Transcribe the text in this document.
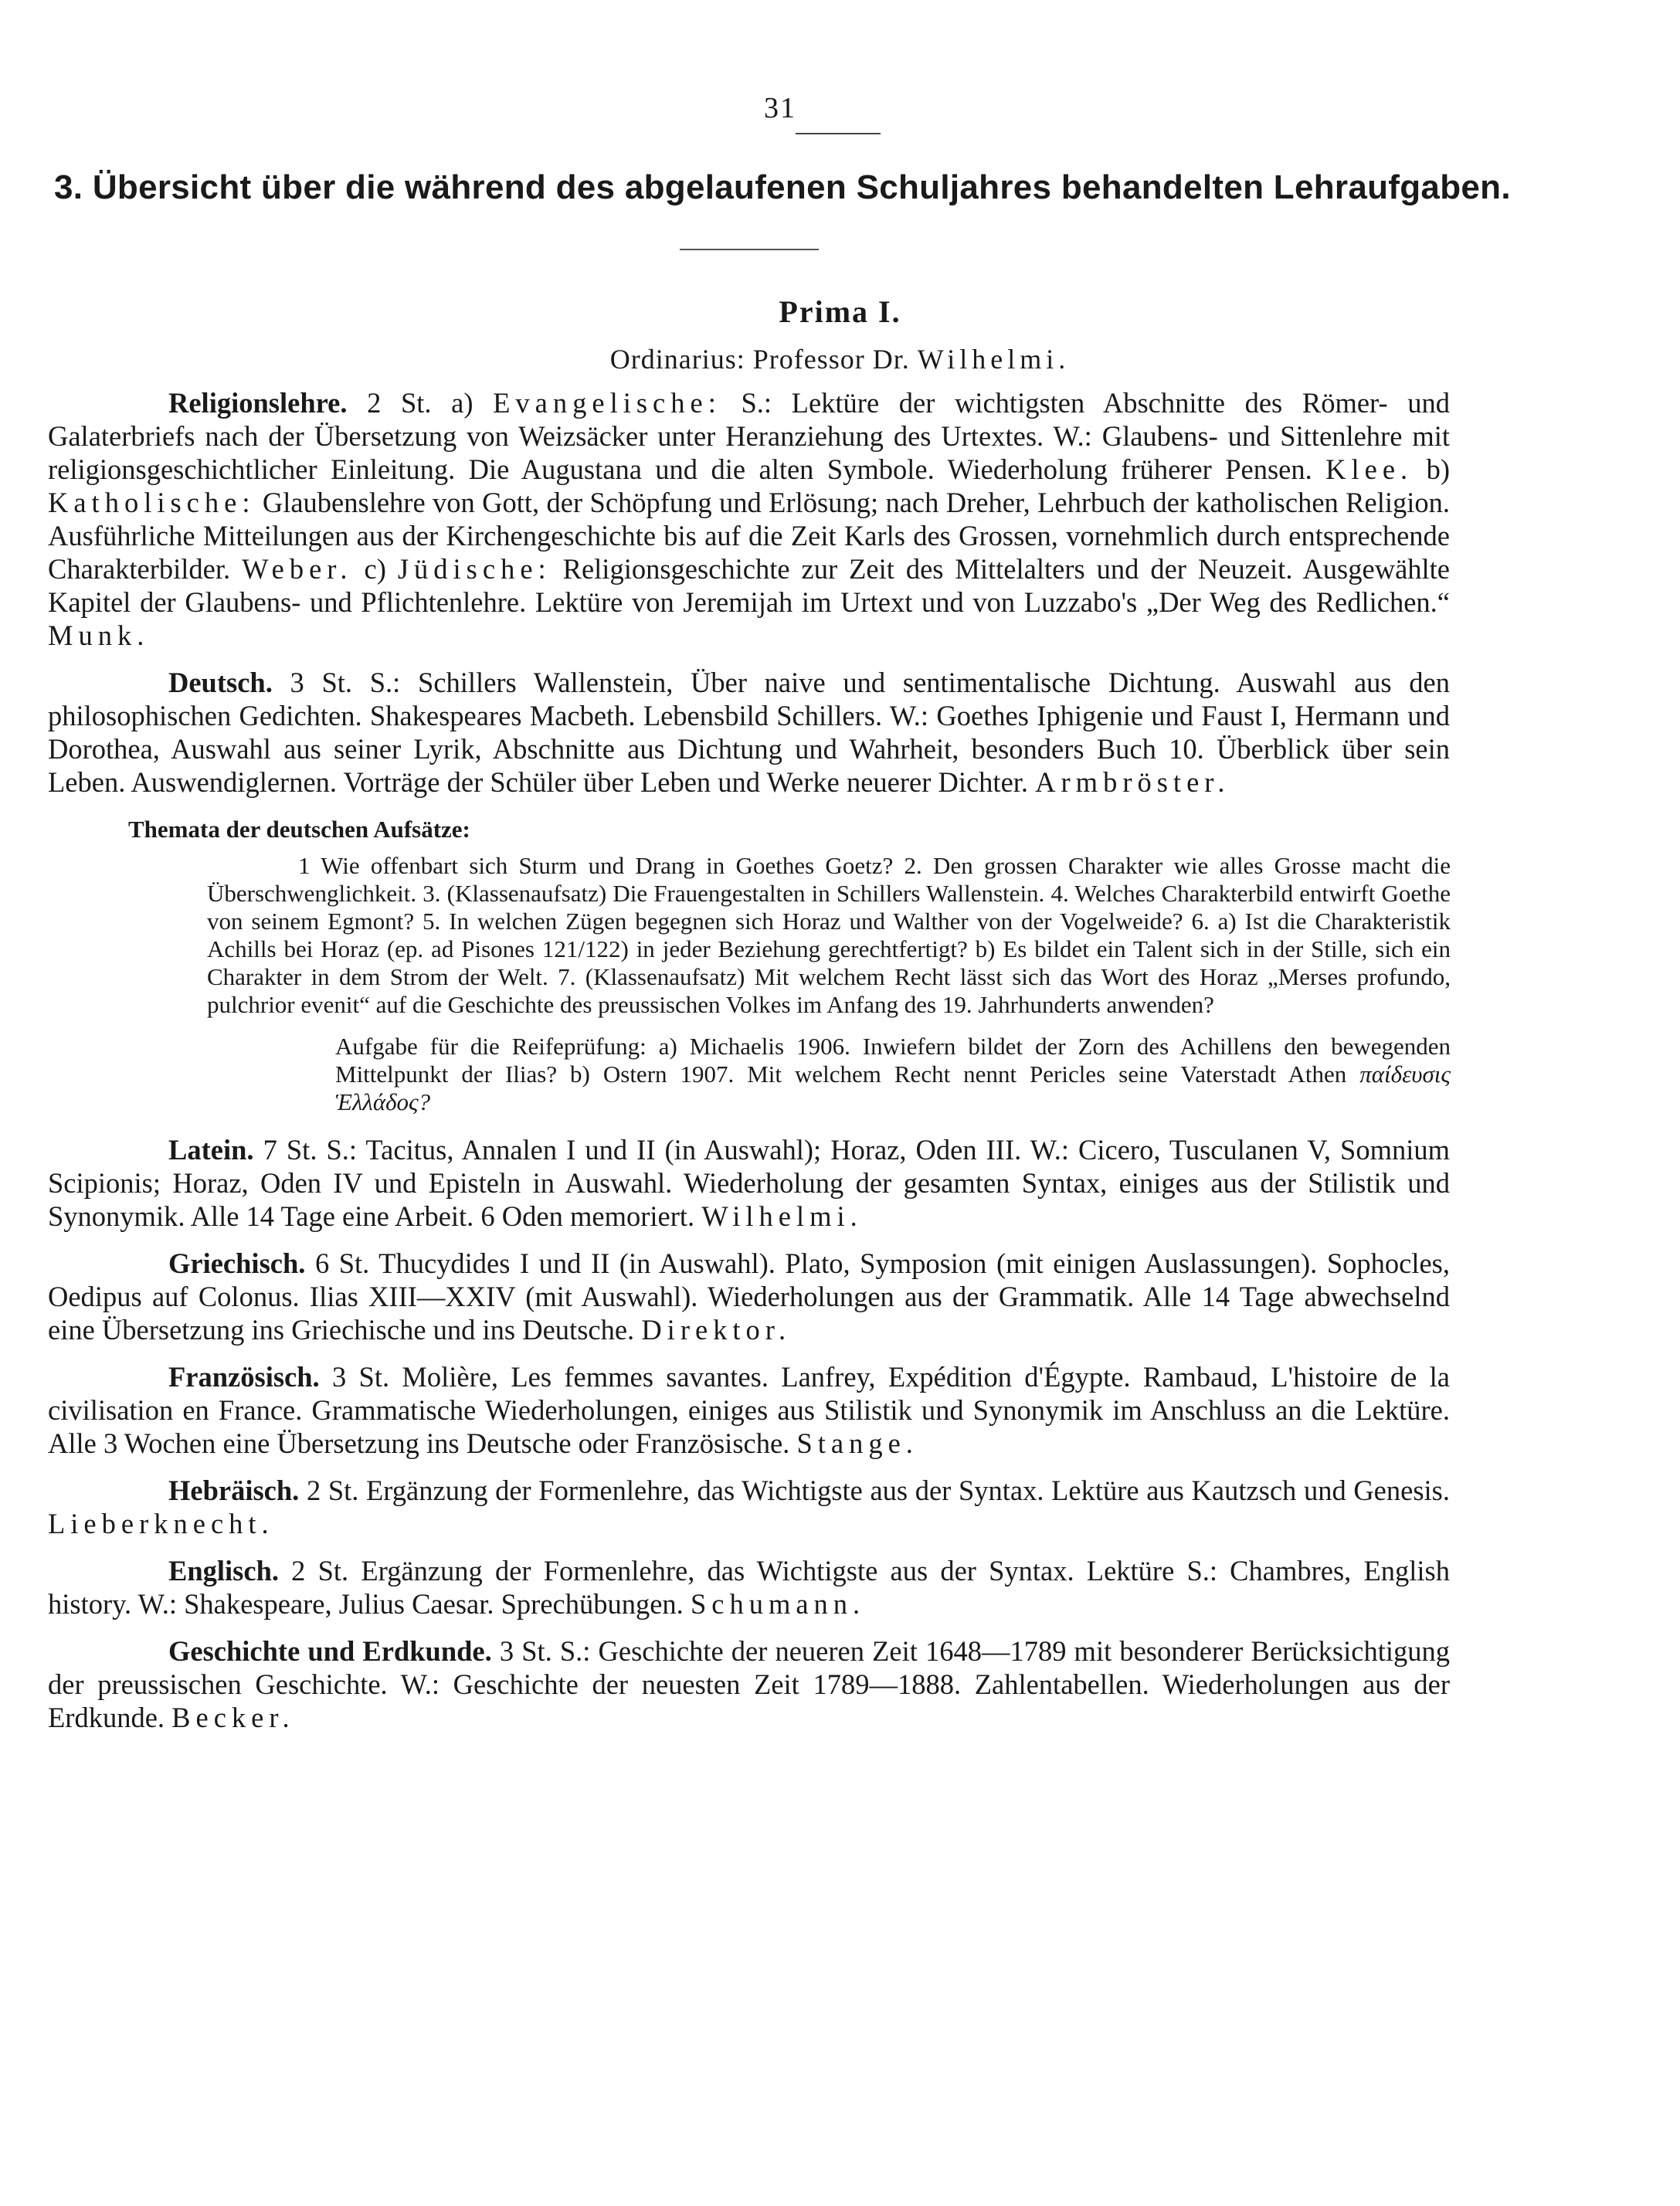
31
3. Übersicht über die während des abgelaufenen Schuljahres behandelten Lehraufgaben.
Prima I.
Ordinarius: Professor Dr. Wilhelmi.

Religionslehre. 2 St. a) Evangelische: S.: Lektüre der wichtigsten Abschnitte des Römer- und Galaterbriefs nach der Übersetzung von Weizsäcker unter Heranziehung des Urtextes. W.: Glaubens- und Sittenlehre mit religionsgeschichtlicher Einleitung. Die Augustana und die alten Symbole. Wiederholung früherer Pensen. Klee. b) Katholische: Glaubenslehre von Gott, der Schöpfung und Erlösung; nach Dreher, Lehrbuch der katholischen Religion. Ausführliche Mitteilungen aus der Kirchengeschichte bis auf die Zeit Karls des Grossen, vornehmlich durch entsprechende Charakterbilder. Weber. c) Jüdische: Religionsgeschichte zur Zeit des Mittelalters und der Neuzeit. Ausgewählte Kapitel der Glaubens- und Pflichtenlehre. Lektüre von Jeremijah im Urtext und von Luzzabo's „Der Weg des Redlichen.“ Munk.

Deutsch. 3 St. S.: Schillers Wallenstein, Über naive und sentimentalische Dichtung. Auswahl aus den philosophischen Gedichten. Shakespeares Macbeth. Lebensbild Schillers. W.: Goethes Iphigenie und Faust I, Hermann und Dorothea, Auswahl aus seiner Lyrik, Abschnitte aus Dichtung und Wahrheit, besonders Buch 10. Überblick über sein Leben. Auswendiglernen. Vorträge der Schüler über Leben und Werke neuerer Dichter. Armbröster.

Themata der deutschen Aufsätze:
1 Wie offenbart sich Sturm und Drang in Goethes Goetz? 2. Den grossen Charakter wie alles Grosse macht die Überschwenglichkeit. 3. (Klassenaufsatz) Die Frauengestalten in Schillers Wallenstein. 4. Welches Charakterbild entwirft Goethe von seinem Egmont? 5. In welchen Zügen begegnen sich Horaz und Walther von der Vogelweide? 6. a) Ist die Charakteristik Achills bei Horaz (ep. ad Pisones 121/122) in jeder Beziehung gerechtfertigt? b) Es bildet ein Talent sich in der Stille, sich ein Charakter in dem Strom der Welt. 7. (Klassenaufsatz) Mit welchem Recht lässt sich das Wort des Horaz „Merses profundo, pulchrior evenit“ auf die Geschichte des preussischen Volkes im Anfang des 19. Jahrhunderts anwenden?
Aufgabe für die Reifeprüfung: a) Michaelis 1906. Inwiefern bildet der Zorn des Achillens den bewegenden Mittelpunkt der Ilias? b) Ostern 1907. Mit welchem Recht nennt Pericles seine Vaterstadt Athen παίδευσις Ἑλλάδος?

Latein. 7 St. S.: Tacitus, Annalen I und II (in Auswahl); Horaz, Oden III. W.: Cicero, Tusculanen V, Somnium Scipionis; Horaz, Oden IV und Episteln in Auswahl. Wiederholung der gesamten Syntax, einiges aus der Stilistik und Synonymik. Alle 14 Tage eine Arbeit. 6 Oden memoriert. Wilhelmi.

Griechisch. 6 St. Thucydides I und II (in Auswahl). Plato, Symposion (mit einigen Auslassungen). Sophocles, Oedipus auf Colonus. Ilias XIII—XXIV (mit Auswahl). Wiederholungen aus der Grammatik. Alle 14 Tage abwechselnd eine Übersetzung ins Griechische und ins Deutsche. Direktor.

Französisch. 3 St. Molière, Les femmes savantes. Lanfrey, Expédition d'Égypte. Rambaud, L'histoire de la civilisation en France. Grammatische Wiederholungen, einiges aus Stilistik und Synonymik im Anschluss an die Lektüre. Alle 3 Wochen eine Übersetzung ins Deutsche oder Französische. Stange.

Hebräisch. 2 St. Ergänzung der Formenlehre, das Wichtigste aus der Syntax. Lektüre aus Kautzsch und Genesis. Lieberknecht.

Englisch. 2 St. Ergänzung der Formenlehre, das Wichtigste aus der Syntax. Lektüre S.: Chambres, English history. W.: Shakespeare, Julius Caesar. Sprechübungen. Schumann.

Geschichte und Erdkunde. 3 St. S.: Geschichte der neueren Zeit 1648—1789 mit besonderer Berücksichtigung der preussischen Geschichte. W.: Geschichte der neuesten Zeit 1789—1888. Zahlentabellen. Wiederholungen aus der Erdkunde. Becker.
